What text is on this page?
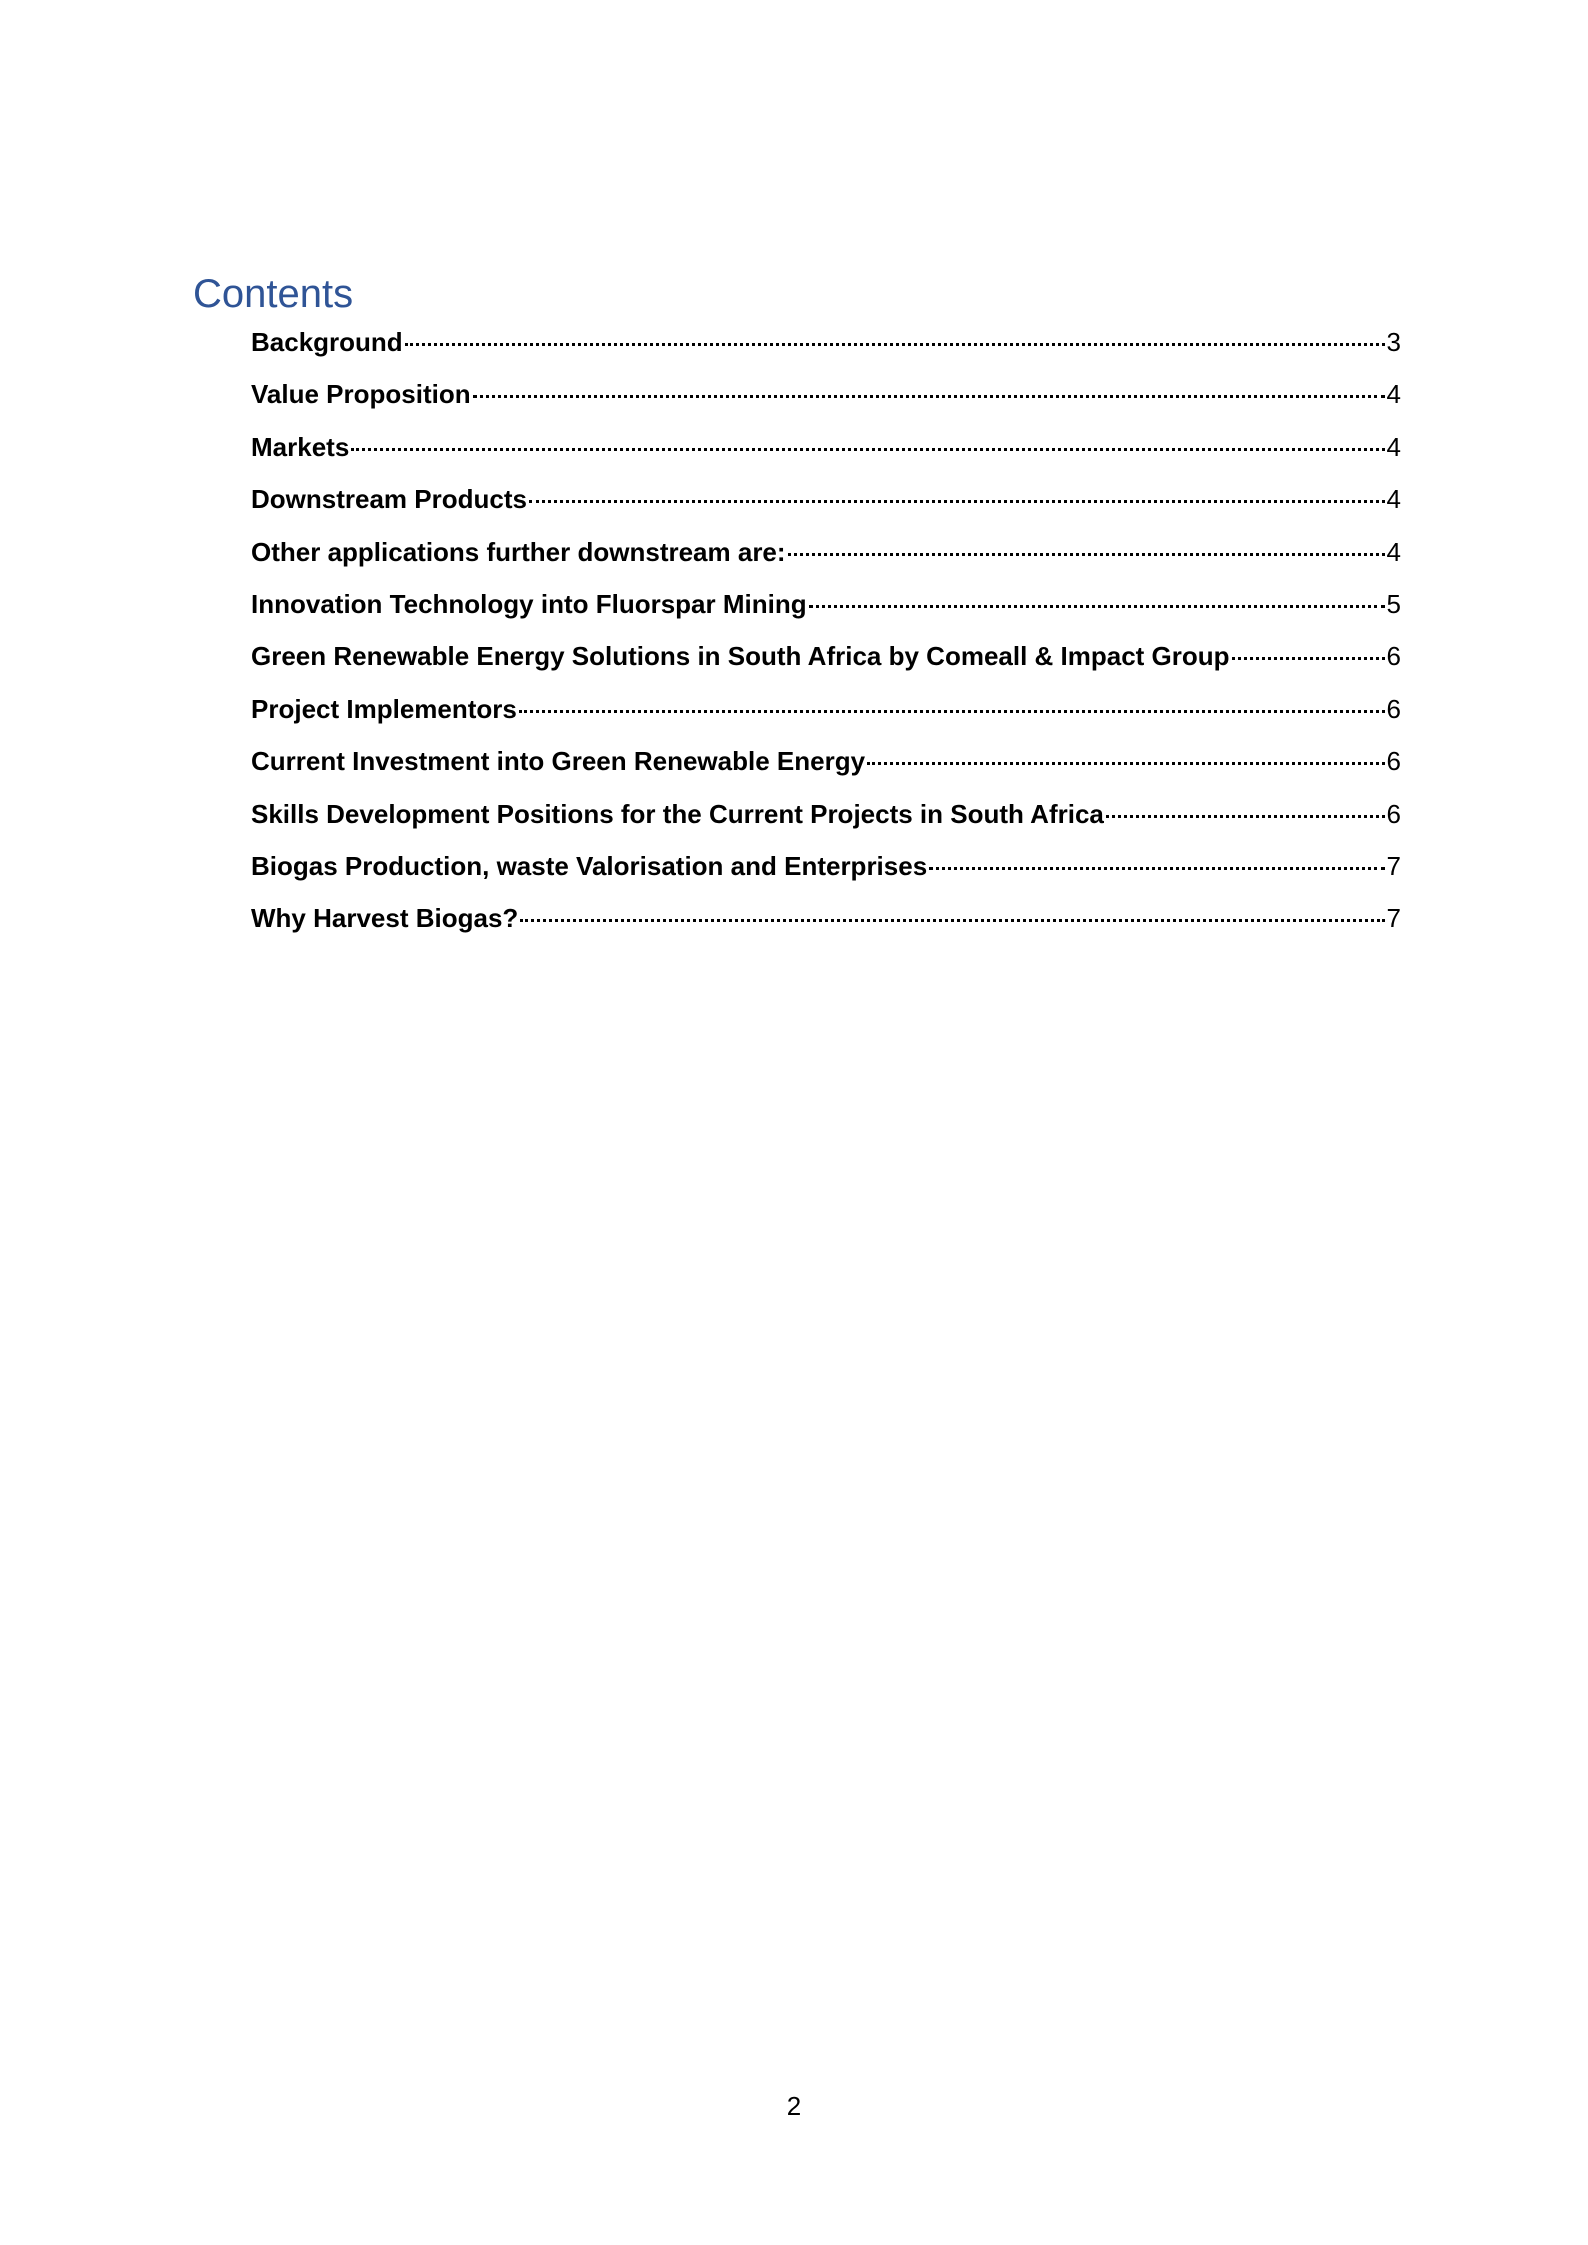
Contents
Background	3
Value Proposition	4
Markets	4
Downstream Products	4
Other applications further downstream are:	4
Innovation Technology into Fluorspar Mining	5
Green Renewable Energy Solutions in South Africa by Comeall & Impact Group	6
Project Implementors	6
Current Investment into Green Renewable Energy	6
Skills Development Positions for the Current Projects in South Africa	6
Biogas Production, waste Valorisation and Enterprises	7
Why Harvest Biogas?	7
2
